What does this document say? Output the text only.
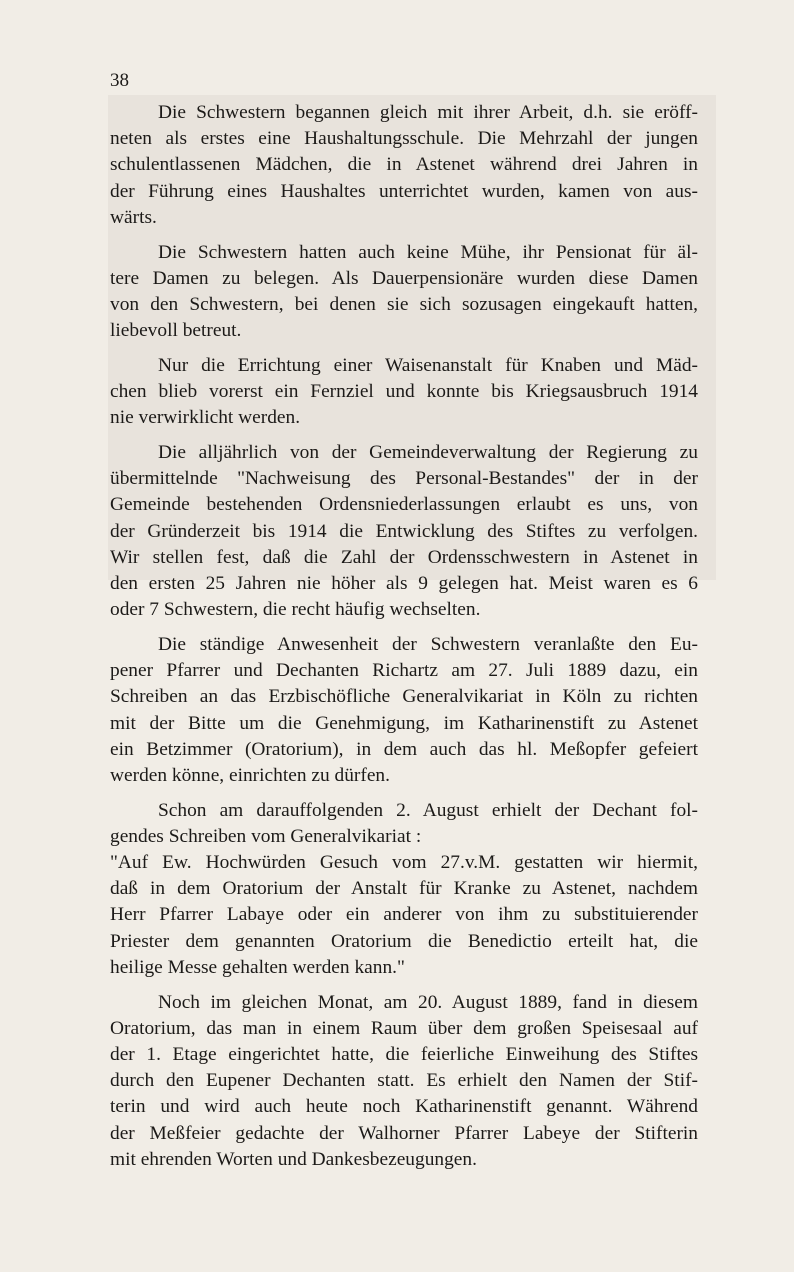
38

Die Schwestern begannen gleich mit ihrer Arbeit, d.h. sie eröff-
neten als erstes eine Haushaltungsschule. Die Mehrzahl der jungen
schulentlassenen Mädchen, die in Astenet während drei Jahren in
der Führung eines Haushaltes unterrichtet wurden, kamen von aus-
wärts.

Die Schwestern hatten auch keine Mühe, ihr Pensionat für äl-
tere Damen zu belegen. Als Dauerpensionäre wurden diese Damen
von den Schwestern, bei denen sie sich sozusagen eingekauft hatten,
liebevoll betreut.

Nur die Errichtung einer Waisenanstalt für Knaben und Mäd-
chen blieb vorerst ein Fernziel und konnte bis Kriegsausbruch 1914
nie verwirklicht werden.

Die alljährlich von der Gemeindeverwaltung der Regierung zu
übermittelnde "Nachweisung des Personal-Bestandes" der in der
Gemeinde bestehenden Ordensniederlassungen erlaubt es uns, von
der Gründerzeit bis 1914 die Entwicklung des Stiftes zu verfolgen.
Wir stellen fest, daß die Zahl der Ordensschwestern in Astenet in
den ersten 25 Jahren nie höher als 9 gelegen hat. Meist waren es 6
oder 7 Schwestern, die recht häufig wechselten.

Die ständige Anwesenheit der Schwestern veranlaßte den Eu-
pener Pfarrer und Dechanten Richartz am 27. Juli 1889 dazu, ein
Schreiben an das Erzbischöfliche Generalvikariat in Köln zu richten
mit der Bitte um die Genehmigung, im Katharinenstift zu Astenet
ein Betzimmer (Oratorium), in dem auch das hl. Meßopfer gefeiert
werden könne, einrichten zu dürfen.

Schon am darauffolgenden 2. August erhielt der Dechant fol-
gendes Schreiben vom Generalvikariat :
"Auf Ew. Hochwürden Gesuch vom 27.v.M. gestatten wir hiermit,
daß in dem Oratorium der Anstalt für Kranke zu Astenet, nachdem
Herr Pfarrer Labaye oder ein anderer von ihm zu substituierender
Priester dem genannten Oratorium die Benedictio erteilt hat, die
heilige Messe gehalten werden kann."

Noch im gleichen Monat, am 20. August 1889, fand in diesem
Oratorium, das man in einem Raum über dem großen Speisesaal auf
der 1. Etage eingerichtet hatte, die feierliche Einweihung des Stiftes
durch den Eupener Dechanten statt. Es erhielt den Namen der Stif-
terin und wird auch heute noch Katharinenstift genannt. Während
der Meßfeier gedachte der Walhorner Pfarrer Labeye der Stifterin
mit ehrenden Worten und Dankesbezeugungen.
